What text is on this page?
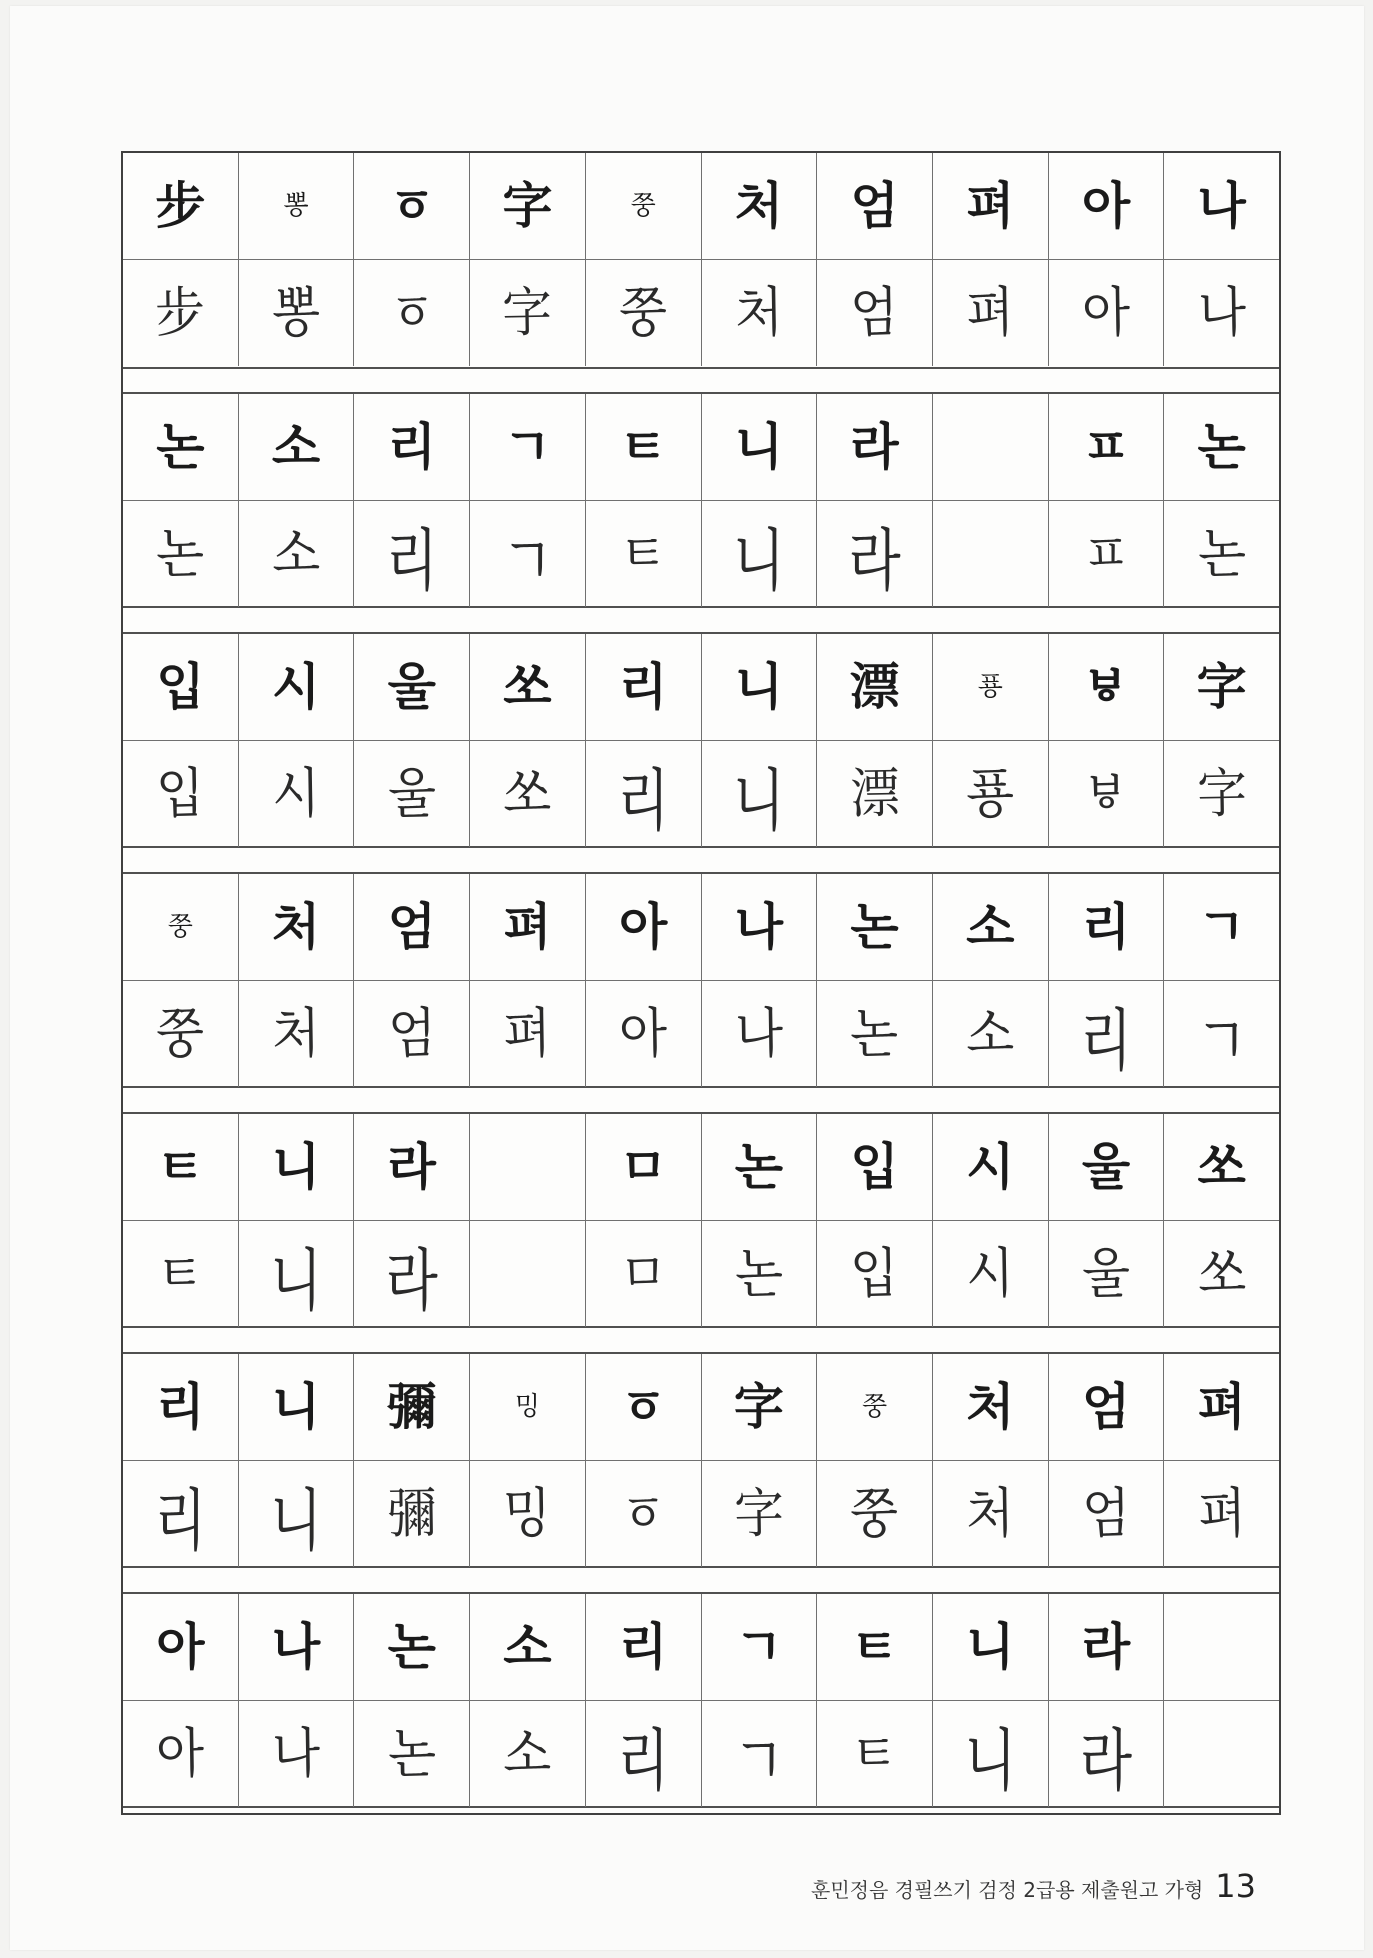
步	뽕 ㆆ 字	쭝 처 엄 펴 아 나
步 뽕 ㆆ 字 쭝 처 엄 펴 아 나
논 소 리 ㄱ ㅌ 니 라	ㅍ 논
논 소 리 ㄱ ㅌ 니 라	ㅍ 논
입 시 울 쏘 리 니 漂	푱 ㅸ 字
입 시 울 쏘 리 니 漂 푱 ㅸ 字
쭝 처 엄 펴 아 나 논 소 리 ㄱ
쭝 처 엄 펴 아 나 논 소 리 ㄱ
ㅌ 니 라	ㅁ 논 입 시 울 쏘
ㅌ 니 라	ㅁ 논 입 시 울 쏘
리 니 彌	밍 ㆆ 字	쭝 처 엄 펴
리 니 彌 밍 ㆆ 字 쭝 처 엄 펴
아 나 논 소 리 ㄱ ㅌ 니 라
아 나 논 소 리 ㄱ ㅌ 니 라
훈민정음 경필쓰기 검정 2급용 제출원고 가형 13
